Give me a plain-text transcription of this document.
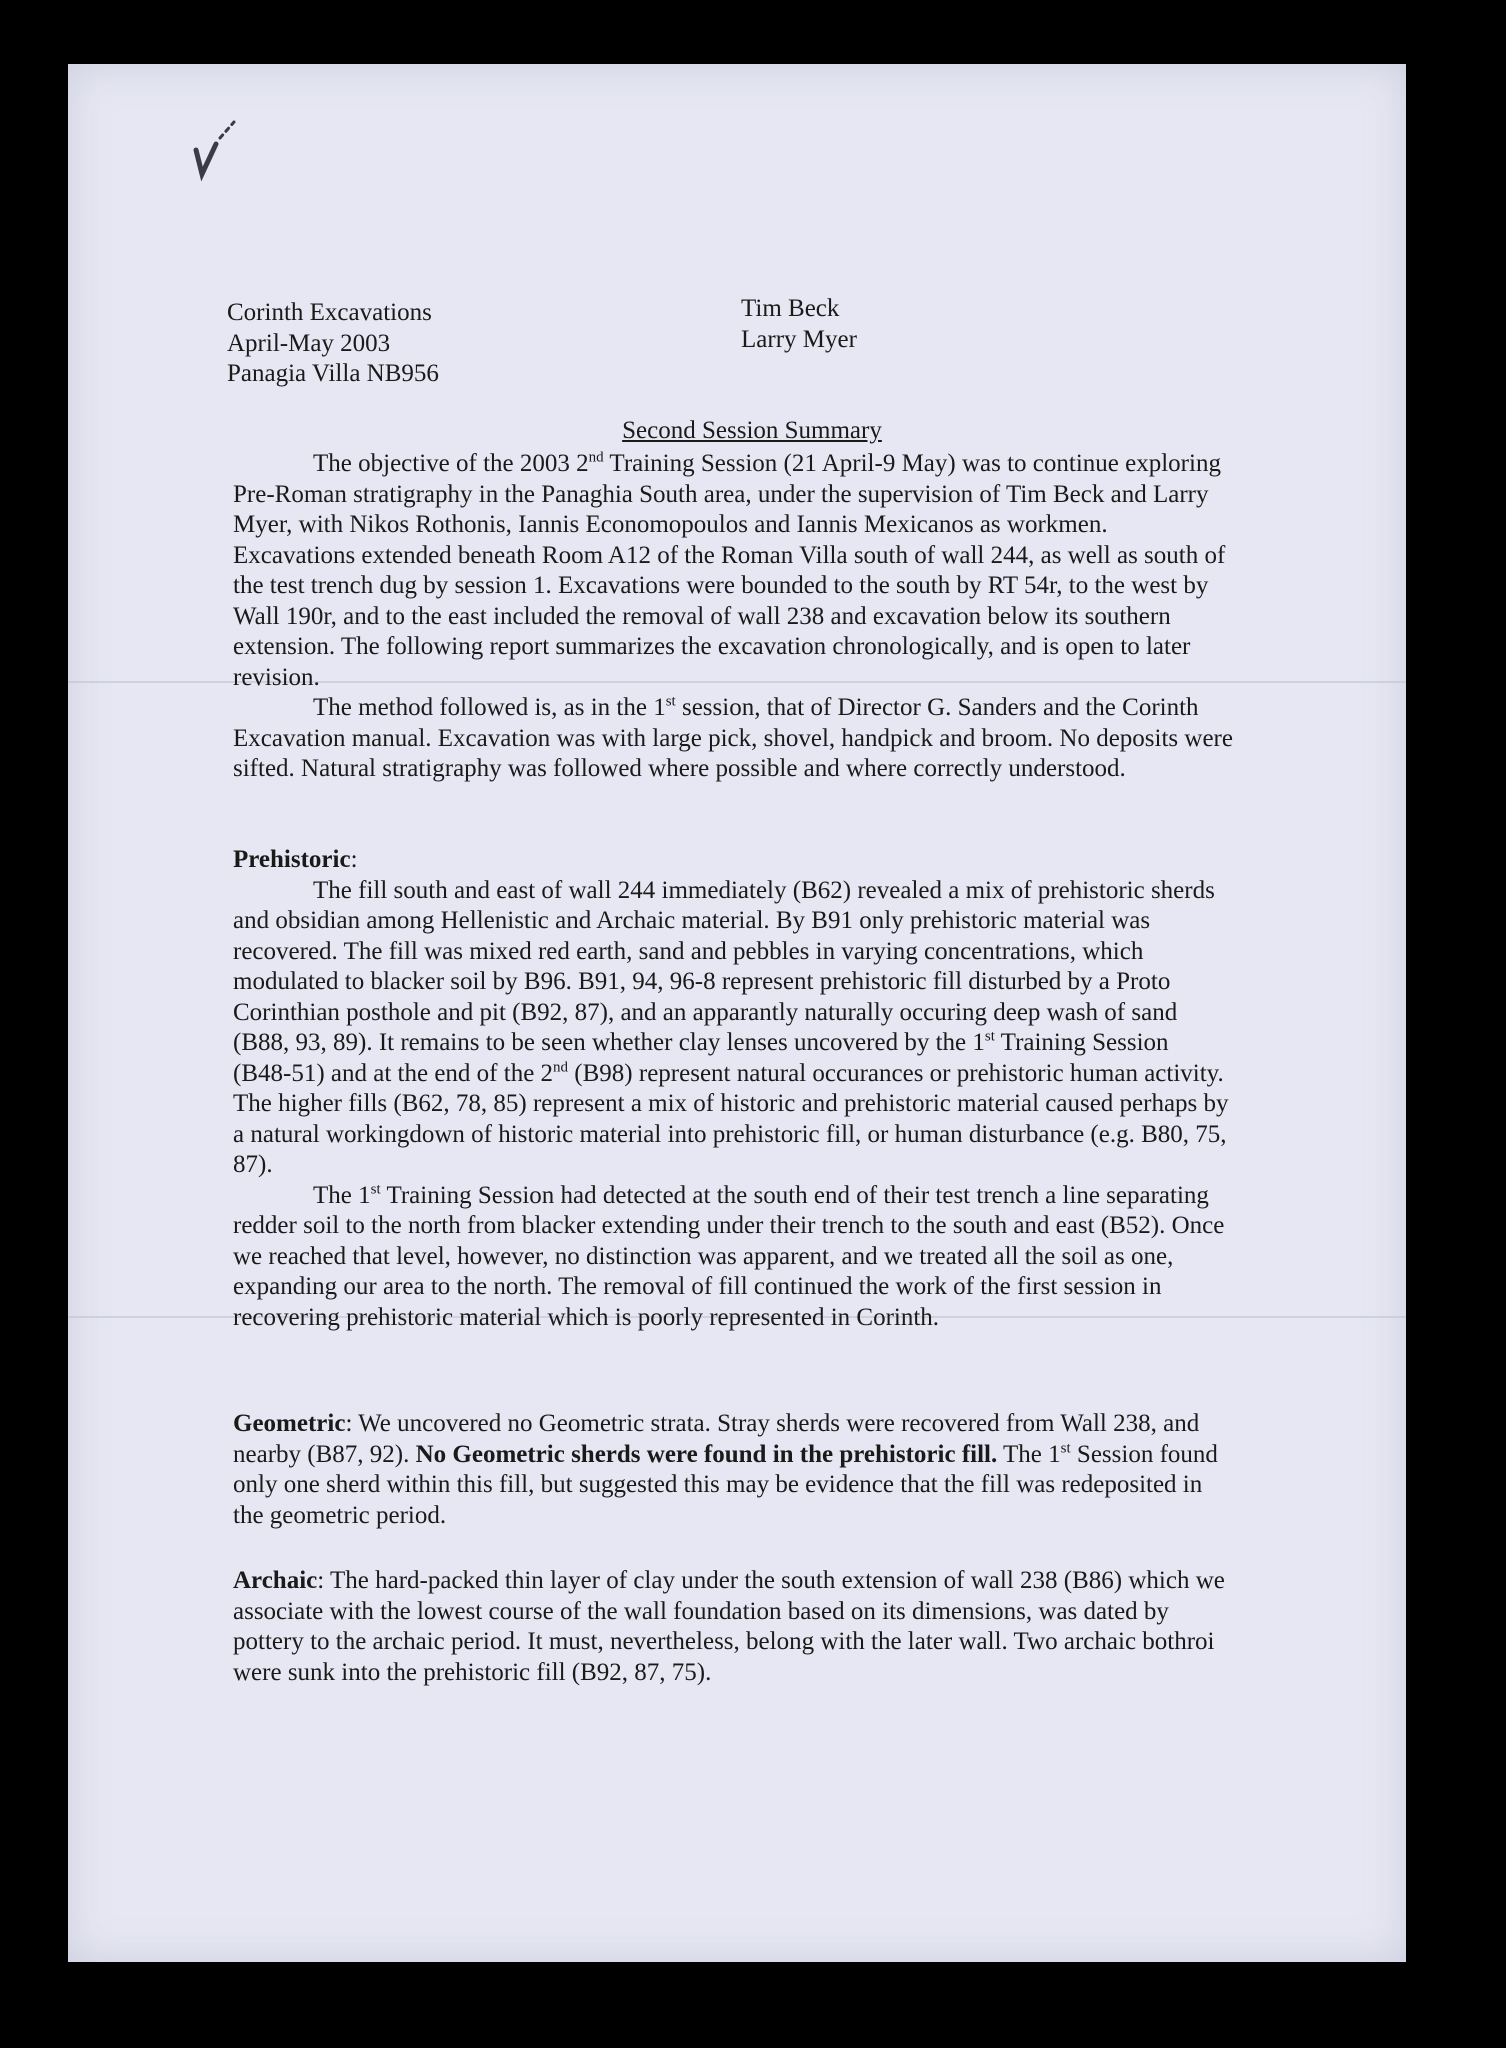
Corinth Excavations
April-May 2003
Panagia Villa NB956
Tim Beck
Larry Myer
Second Session Summary

The objective of the 2003 2nd Training Session (21 April-9 May) was to continue exploring Pre-Roman stratigraphy in the Panaghia South area, under the supervision of Tim Beck and Larry Myer, with Nikos Rothonis, Iannis Economopoulos and Iannis Mexicanos as workmen. Excavations extended beneath Room A12 of the Roman Villa south of wall 244, as well as south of the test trench dug by session 1. Excavations were bounded to the south by RT 54r, to the west by Wall 190r, and to the east included the removal of wall 238 and excavation below its southern extension. The following report summarizes the excavation chronologically, and is open to later revision.

The method followed is, as in the 1st session, that of Director G. Sanders and the Corinth Excavation manual. Excavation was with large pick, shovel, handpick and broom. No deposits were sifted. Natural stratigraphy was followed where possible and where correctly understood.

Prehistoric:

The fill south and east of wall 244 immediately (B62) revealed a mix of prehistoric sherds and obsidian among Hellenistic and Archaic material. By B91 only prehistoric material was recovered. The fill was mixed red earth, sand and pebbles in varying concentrations, which modulated to blacker soil by B96. B91, 94, 96-8 represent prehistoric fill disturbed by a Proto Corinthian posthole and pit (B92, 87), and an apparantly naturally occuring deep wash of sand (B88, 93, 89). It remains to be seen whether clay lenses uncovered by the 1st Training Session (B48-51) and at the end of the 2nd (B98) represent natural occurances or prehistoric human activity. The higher fills (B62, 78, 85) represent a mix of historic and prehistoric material caused perhaps by a natural workingdown of historic material into prehistoric fill, or human disturbance (e.g. B80, 75, 87).

The 1st Training Session had detected at the south end of their test trench a line separating redder soil to the north from blacker extending under their trench to the south and east (B52). Once we reached that level, however, no distinction was apparent, and we treated all the soil as one, expanding our area to the north. The removal of fill continued the work of the first session in recovering prehistoric material which is poorly represented in Corinth.

Geometric: We uncovered no Geometric strata. Stray sherds were recovered from Wall 238, and nearby (B87, 92). No Geometric sherds were found in the prehistoric fill. The 1st Session found only one sherd within this fill, but suggested this may be evidence that the fill was redeposited in the geometric period.

Archaic: The hard-packed thin layer of clay under the south extension of wall 238 (B86) which we associate with the lowest course of the wall foundation based on its dimensions, was dated by pottery to the archaic period. It must, nevertheless, belong with the later wall. Two archaic bothroi were sunk into the prehistoric fill (B92, 87, 75).
